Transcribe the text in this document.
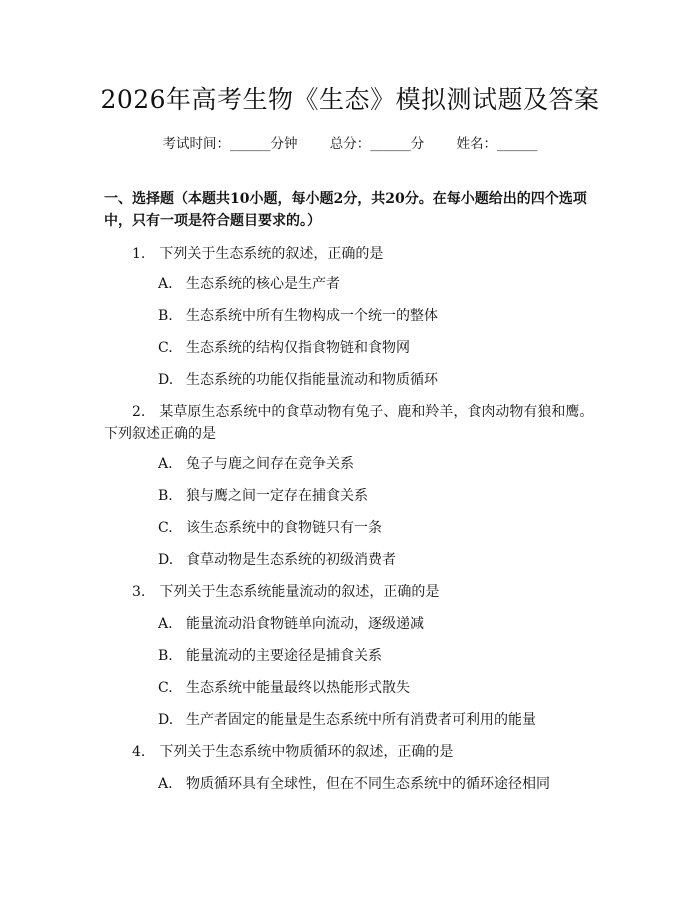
2026年高考生物《生态》模拟测试题及答案
考试时间：______分钟 总分：______分 姓名：______
一、选择题（本题共10小题，每小题2分，共20分。在每小题给出的四个选项中，只有一项是符合题目要求的。）
1.　下列关于生态系统的叙述，正确的是
A. 生态系统的核心是生产者
B. 生态系统中所有生物构成一个统一的整体
C. 生态系统的结构仅指食物链和食物网
D. 生态系统的功能仅指能量流动和物质循环
2.　某草原生态系统中的食草动物有兔子、鹿和羚羊，食肉动物有狼和鹰。下列叙述正确的是
A. 兔子与鹿之间存在竞争关系
B. 狼与鹰之间一定存在捕食关系
C. 该生态系统中的食物链只有一条
D. 食草动物是生态系统的初级消费者
3.　下列关于生态系统能量流动的叙述，正确的是
A. 能量流动沿食物链单向流动，逐级递减
B. 能量流动的主要途径是捕食关系
C. 生态系统中能量最终以热能形式散失
D. 生产者固定的能量是生态系统中所有消费者可利用的能量
4.　下列关于生态系统中物质循环的叙述，正确的是
A. 物质循环具有全球性，但在不同生态系统中的循环途径相同
